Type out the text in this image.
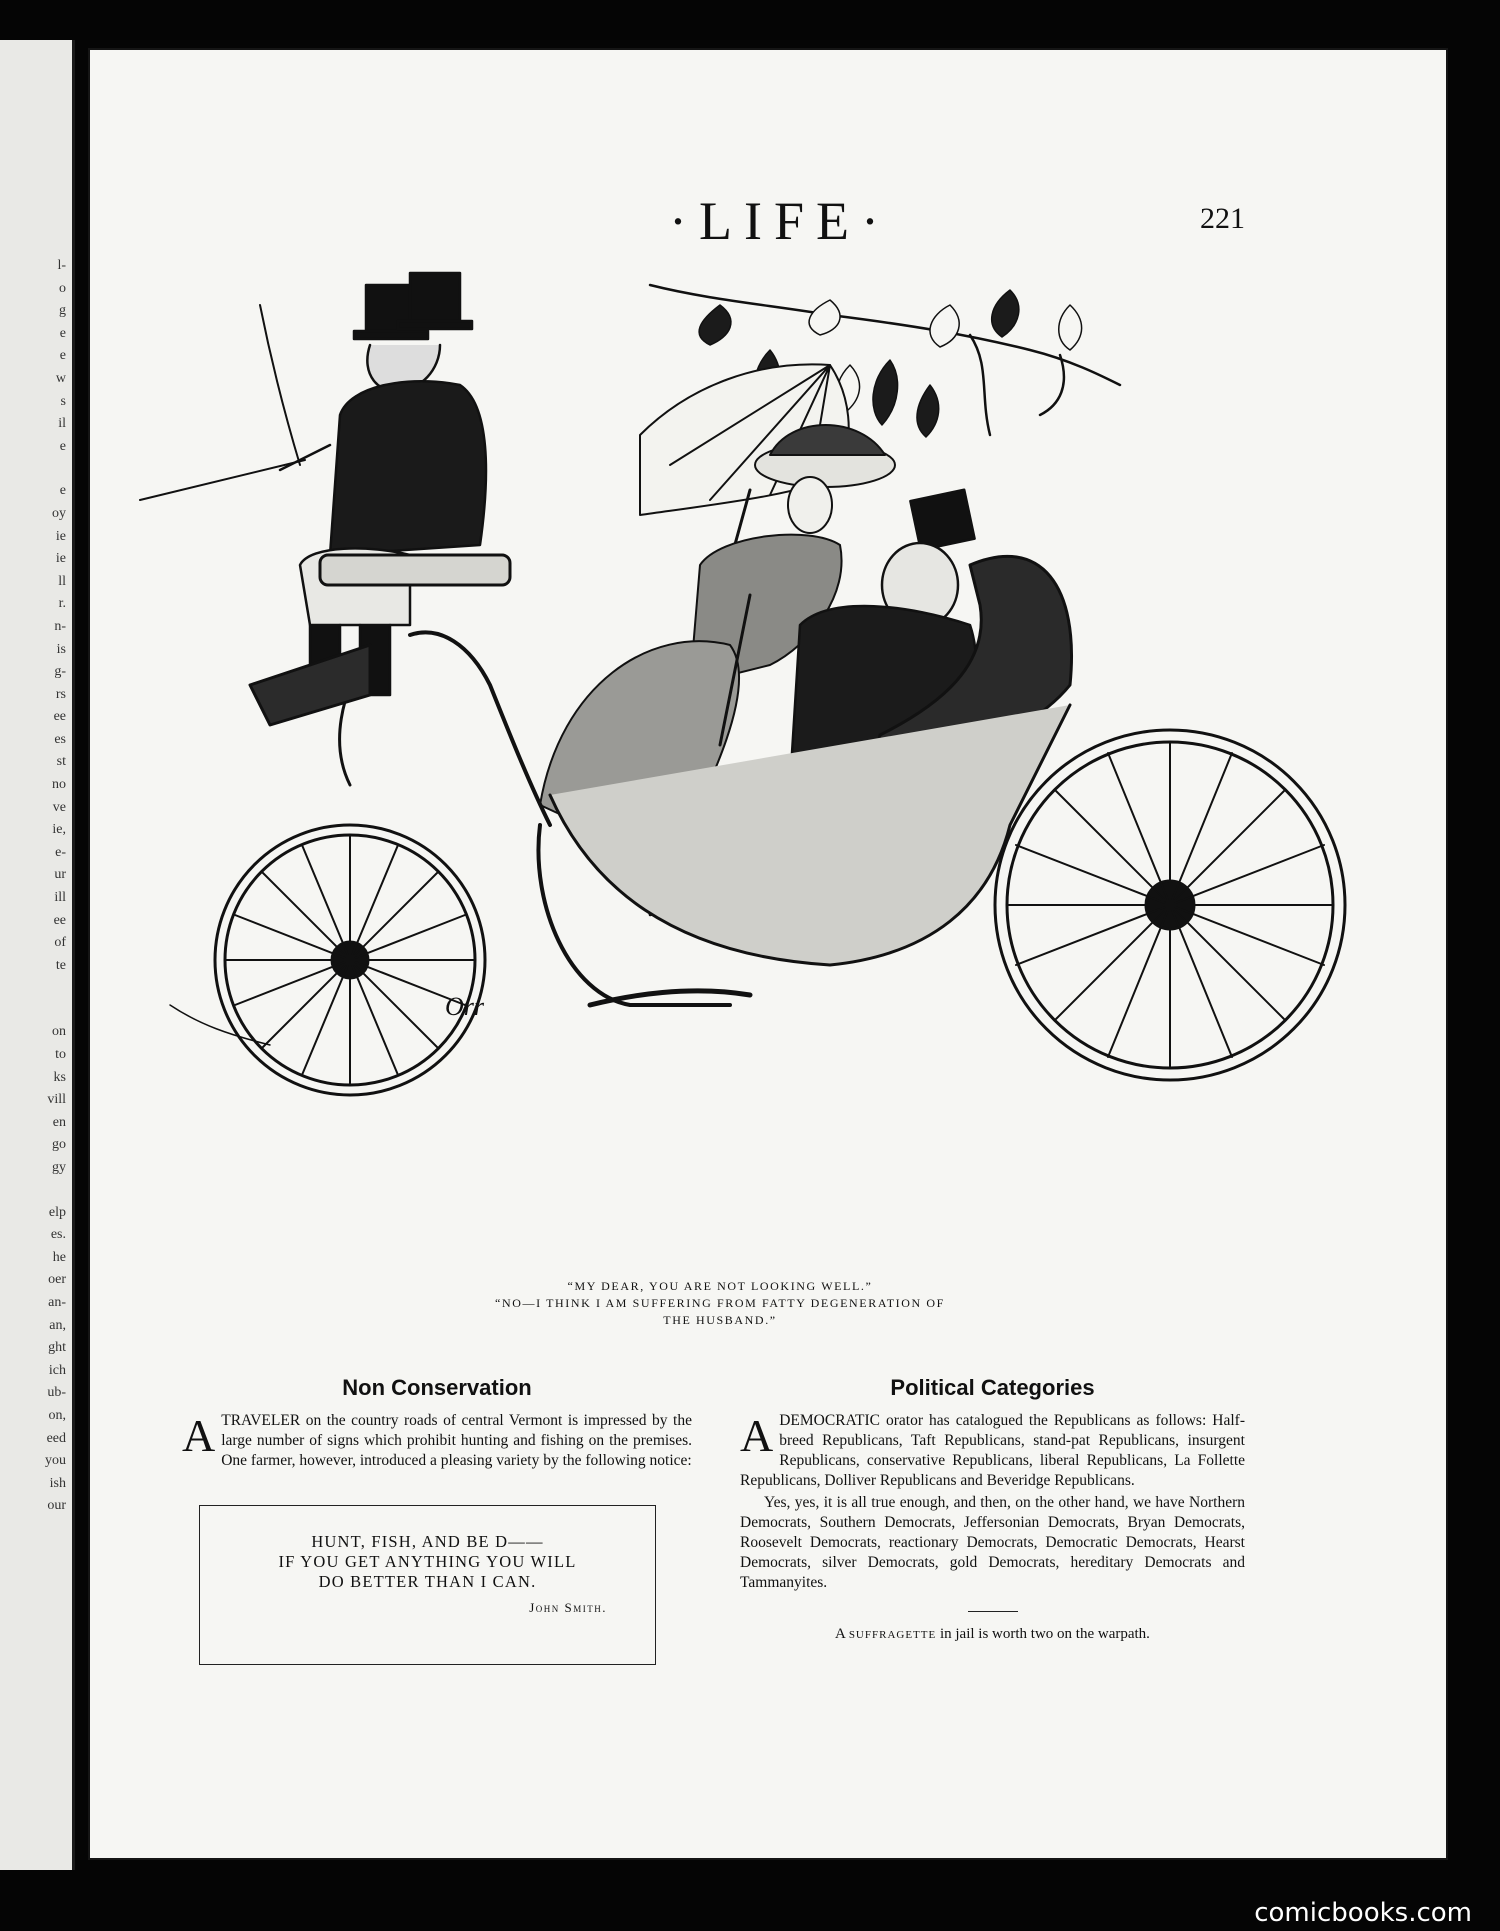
l-
o
g
e
e
w
s
il
e
e
oy
ie
ie
ll
r.
n-
is
g-
rs
ee
es
st
no
ve
ie,
e-
ur
ill
ee
of
te
on
to
ks
vill
en
go
gy
elp
es.
he
oer
an-
an,
ght
ich
ub-
on,
eed
you
ish
our
·LIFE·	221
Orr
“MY DEAR, YOU ARE NOT LOOKING WELL.”
“NO—I THINK I AM SUFFERING FROM FATTY DEGENERATION OF
THE HUSBAND.”
Non Conservation

ATRAVELER on the country roads of central Vermont is impressed by the large number of signs which prohibit hunting and fishing on the premises. One farmer, however, introduced a pleasing variety by the following notice:

HUNT, FISH, AND BE D——
IF YOU GET ANYTHING YOU WILL
DO BETTER THAN I CAN.
John Smith.
Political Categories

ADEMOCRATIC orator has catalogued the Republicans as follows: Half-breed Republicans, Taft Republicans, stand-pat Republicans, insurgent Republicans, conservative Republicans, liberal Republicans, La Follette Republicans, Dolliver Republicans and Beveridge Republicans.

Yes, yes, it is all true enough, and then, on the other hand, we have Northern Democrats, Southern Democrats, Jeffersonian Democrats, Bryan Democrats, Roosevelt Democrats, reactionary Democrats, Democratic Democrats, Hearst Democrats, silver Democrats, gold Democrats, hereditary Democrats and Tammanyites.

A suffragette in jail is worth two on the warpath.
comicbooks.com
